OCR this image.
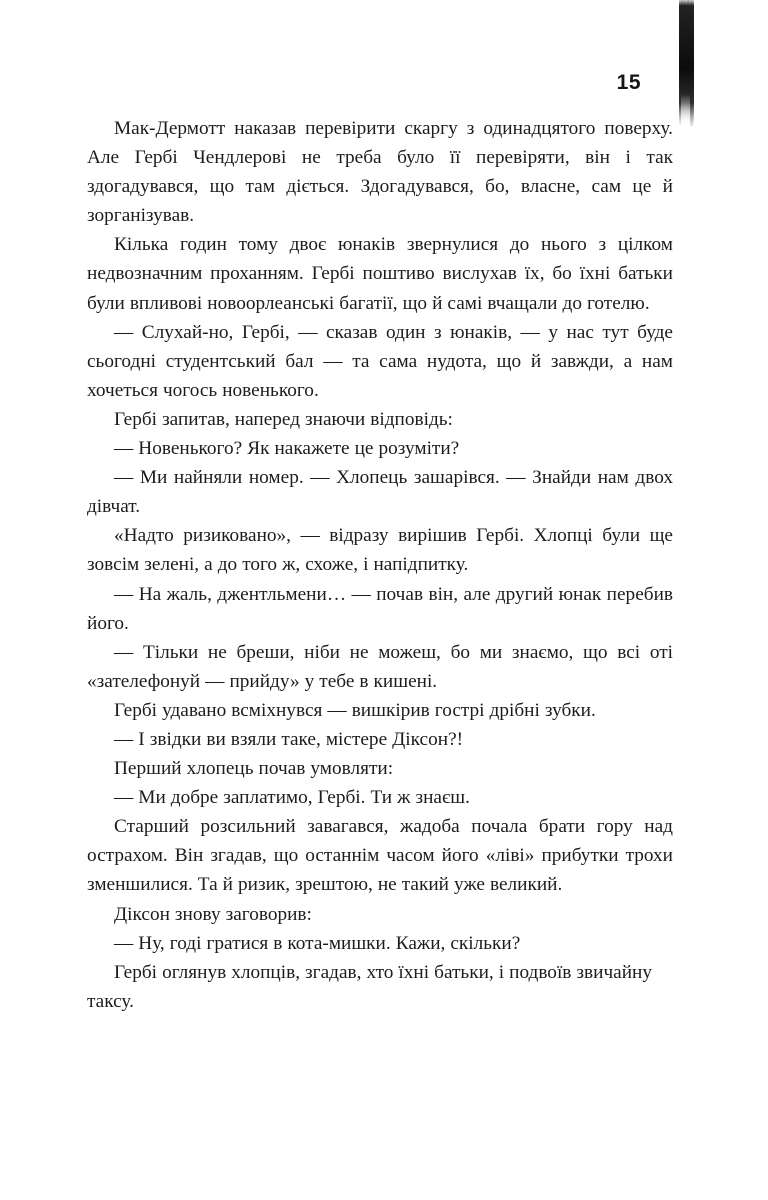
15

Мак-Дермотт наказав перевірити скаргу з одинадцятого поверху. Але Гербі Чендлерові не треба було її перевіряти, він і так здогадувався, що там діється. Здогадувався, бо, власне, сам це й зорганізував.

Кілька годин тому двоє юнаків звернулися до нього з цілком недвозначним проханням. Гербі поштиво вислухав їх, бо їхні батьки були впливові новоорлеанські багатії, що й самі вчащали до готелю.

— Слухай-но, Гербі, — сказав один з юнаків, — у нас тут буде сьогодні студентський бал — та сама нудота, що й завжди, а нам хочеться чогось новенького.

Гербі запитав, наперед знаючи відповідь:

— Новенького? Як накажете це розуміти?

— Ми найняли номер. — Хлопець зашарівся. — Знайди нам двох дівчат.

«Надто ризиковано», — відразу вирішив Гербі. Хлопці були ще зовсім зелені, а до того ж, схоже, і напідпитку.

— На жаль, джентльмени… — почав він, але другий юнак перебив його.

— Тільки не бреши, ніби не можеш, бо ми знаємо, що всі оті «зателефонуй — прийду» у тебе в кишені.

Гербі удавано всміхнувся — вишкірив гострі дрібні зубки.

— І звідки ви взяли таке, містере Діксон?!

Перший хлопець почав умовляти:

— Ми добре заплатимо, Гербі. Ти ж знаєш.

Старший розсильний завагався, жадоба почала брати гору над острахом. Він згадав, що останнім часом його «ліві» прибутки трохи зменшилися. Та й ризик, зрештою, не такий уже великий.

Діксон знову заговорив:

— Ну, годі гратися в кота-мишки. Кажи, скільки?

Гербі оглянув хлопців, згадав, хто їхні батьки, і подвоїв звичайну таксу.
